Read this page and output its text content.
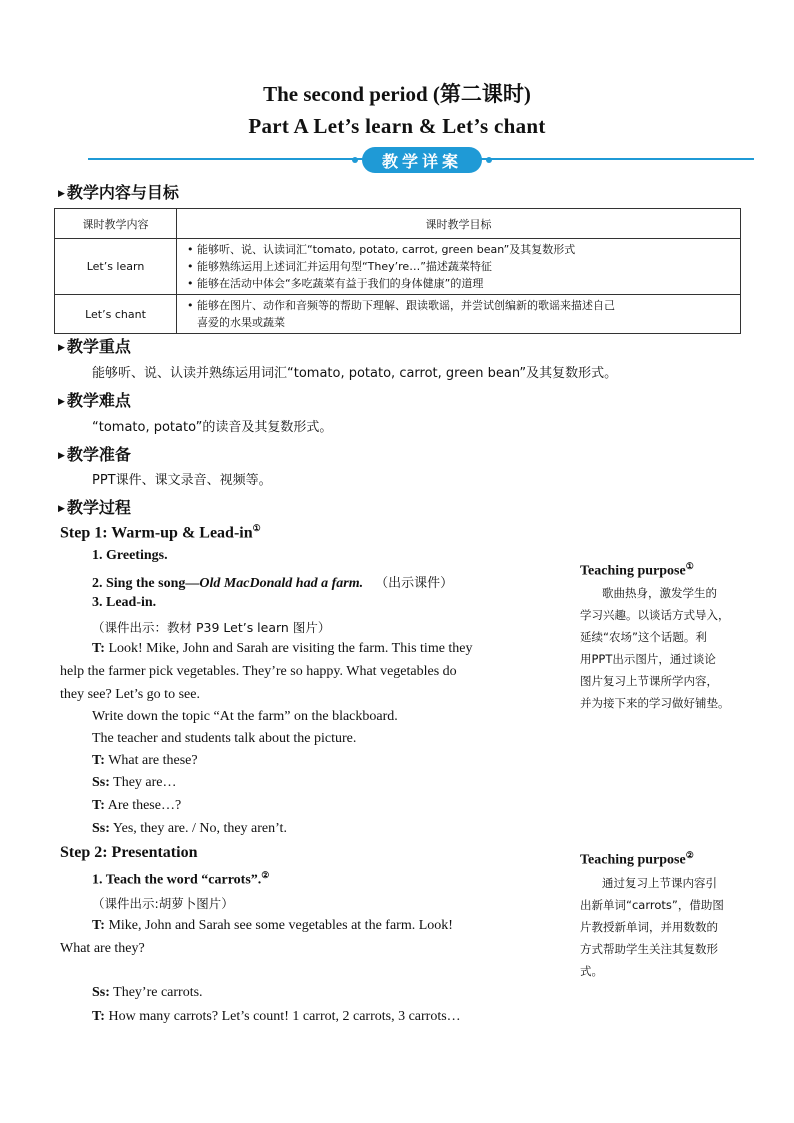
The second period (第二课时)
Part A Let’s learn & Let’s chant
教学详案
▶ 教学内容与目标
课时教学内容	课时教学目标
Let’s learn	• 能够听、说、认读词汇“tomato, potato, carrot, green bean”及其复数形式
• 能够熟练运用上述词汇并运用句型“They’re…”描述蔬菜特征
• 能够在活动中体会“多吃蔬菜有益于我们的身体健康”的道理

Let’s chant	• 能够在图片、动作和音频等的帮助下理解、跟读歌谣，并尝试创编新的歌谣来描述自己
喜爱的水果或蔬菜
▶ 教学重点
能够听、说、认读并熟练运用词汇“tomato, potato, carrot, green bean”及其复数形式。
▶ 教学难点
“tomato, potato”的读音及其复数形式。
▶ 教学准备
PPT课件、课文录音、视频等。
▶ 教学过程
Step 1: Warm-up & Lead-in①
1. Greetings.
2. Sing the song—Old MacDonald had a farm. （出示课件）
3. Lead-in.
（课件出示：教材 P39 Let’s learn 图片）
T: Look! Mike, John and Sarah are visiting the farm. This time they
help the farmer pick vegetables. They’re so happy. What vegetables do
they see? Let’s go to see.
Write down the topic “At the farm” on the blackboard.
The teacher and students talk about the picture.
T: What are these?
Ss: They are…
T: Are these…?
Ss: Yes, they are. / No, they aren’t.
Step 2: Presentation
1. Teach the word “carrots”.②
（课件出示:胡萝卜图片）
T: Mike, John and Sarah see some vegetables at the farm. Look!
What are they?
Ss: They’re carrots.
T: How many carrots? Let’s count! 1 carrot, 2 carrots, 3 carrots…
Teaching purpose①
歌曲热身，激发学生的
学习兴趣。以谈话方式导入，
延续“农场”这个话题。利
用PPT出示图片，通过谈论
图片复习上节课所学内容，
并为接下来的学习做好铺垫。
Teaching purpose②
通过复习上节课内容引
出新单词“carrots”，借助图
片教授新单词，并用数数的
方式帮助学生关注其复数形
式。
